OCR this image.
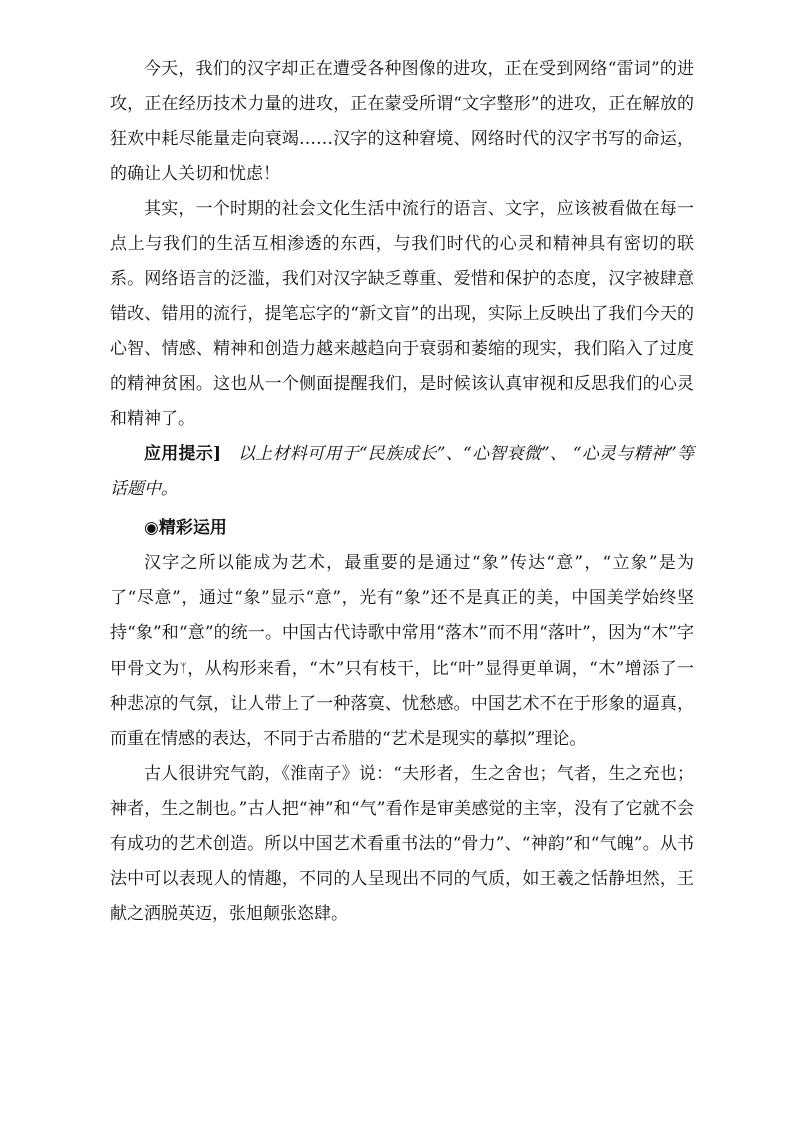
今天，我们的汉字却正在遭受各种图像的进攻，正在受到网络“雷词”的进攻，正在经历技术力量的进攻，正在蒙受所谓“文字整形”的进攻，正在解放的狂欢中耗尽能量走向衰竭……汉字的这种窘境、网络时代的汉字书写的命运，的确让人关切和忧虑！

其实，一个时期的社会文化生活中流行的语言、文字，应该被看做在每一点上与我们的生活互相渗透的东西，与我们时代的心灵和精神具有密切的联系。网络语言的泛滥，我们对汉字缺乏尊重、爱惜和保护的态度，汉字被肆意错改、错用的流行，提笔忘字的“新文盲”的出现，实际上反映出了我们今天的心智、情感、精神和创造力越来越趋向于衰弱和萎缩的现实，我们陷入了过度的精神贫困。这也从一个侧面提醒我们，是时候该认真审视和反思我们的心灵和精神了。

应用提示] 以上材料可用于“民族成长”、“心智衰微”、 “心灵与精神”等话题中。

◉精彩运用

汉字之所以能成为艺术，最重要的是通过“象”传达“意”，“立象”是为了“尽意”，通过“象”显示“意”，光有“象”还不是真正的美，中国美学始终坚持“象”和“意”的统一。中国古代诗歌中常用“落木”而不用“落叶”，因为“木”字甲骨文为ᛉ，从构形来看，“木”只有枝干，比“叶”显得更单调，“木”增添了一种悲凉的气氛，让人带上了一种落寞、忧愁感。中国艺术不在于形象的逼真，而重在情感的表达，不同于古希腊的“艺术是现实的摹拟”理论。

古人很讲究气韵，《淮南子》说：“夫形者，生之舍也；气者，生之充也；神者，生之制也。”古人把“神”和“气”看作是审美感觉的主宰，没有了它就不会有成功的艺术创造。所以中国艺术看重书法的“骨力”、“神韵”和“气魄”。从书法中可以表现人的情趣，不同的人呈现出不同的气质，如王羲之恬静坦然，王献之洒脱英迈，张旭颠张恣肆。
